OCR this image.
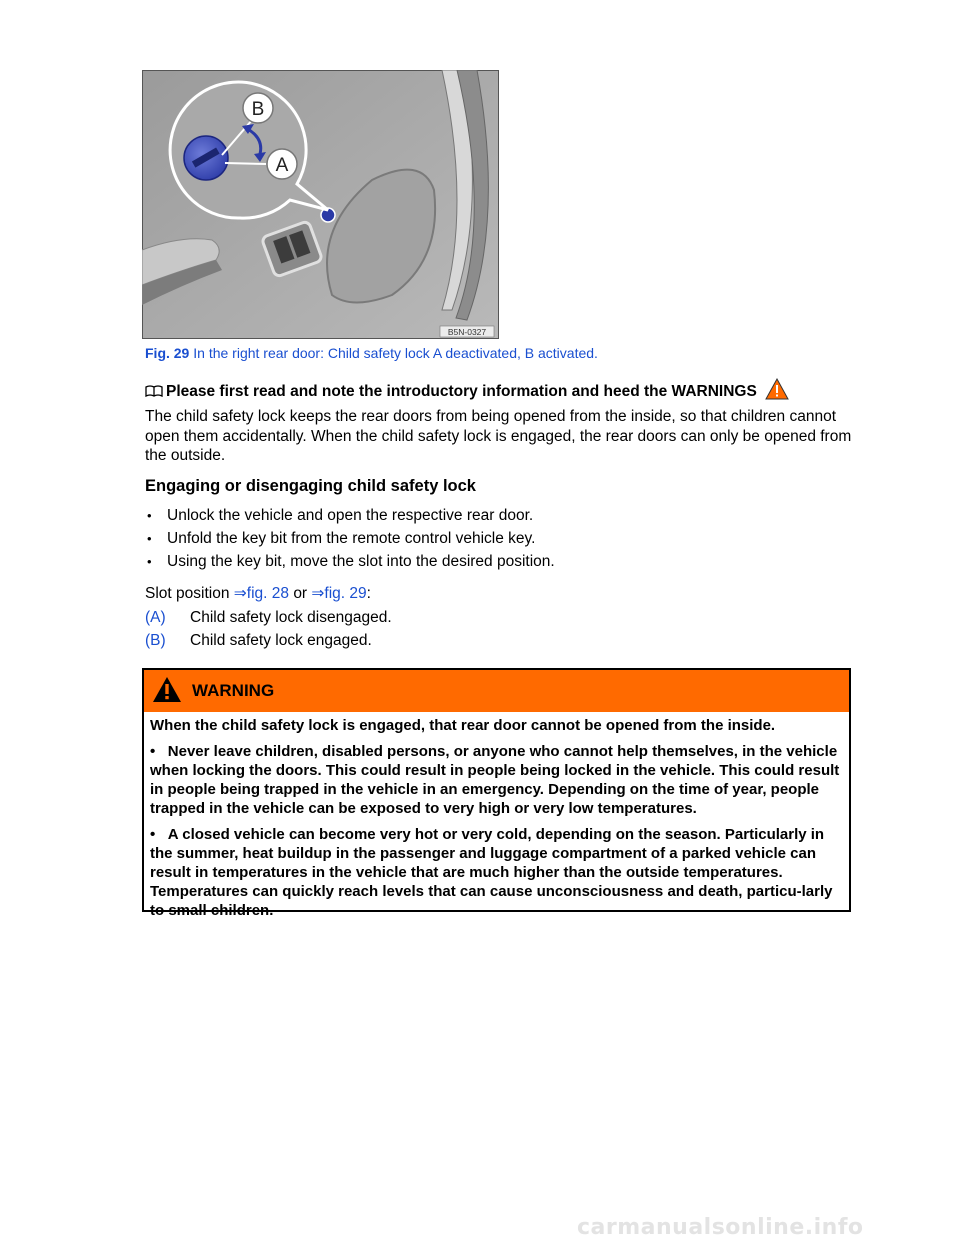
B
A
B5N-0327
Fig. 29 In the right rear door: Child safety lock A deactivated, B activated.
Please first read and note the introductory information and heed the WARNINGS
The child safety lock keeps the rear doors from being opened from the inside, so that children cannot open them accidentally. When the child safety lock is engaged, the rear doors can only be opened from the outside.
Engaging or disengaging child safety lock
• Unlock the vehicle and open the respective rear door.
• Unfold the key bit from the remote control vehicle key.
• Using the key bit, move the slot into the desired position.
Slot position ⇒fig. 28 or ⇒fig. 29:
(A)	Child safety lock disengaged.
(B)	Child safety lock engaged.
WARNING

When the child safety lock is engaged, that rear door cannot be opened from the inside.

• Never leave children, disabled persons, or anyone who cannot help themselves, in the vehicle when locking the doors. This could result in people being locked in the vehicle. This could result in people being trapped in the vehicle in an emergency. Depending on the time of year, people trapped in the vehicle can be exposed to very high or very low temperatures.

• A closed vehicle can become very hot or very cold, depending on the season. Particularly in the summer, heat buildup in the passenger and luggage compartment of a parked vehicle can result in temperatures in the vehicle that are much higher than the outside temperatures. Temperatures can quickly reach levels that can cause unconsciousness and death, particu-larly to small children.

carmanualsonline.info
